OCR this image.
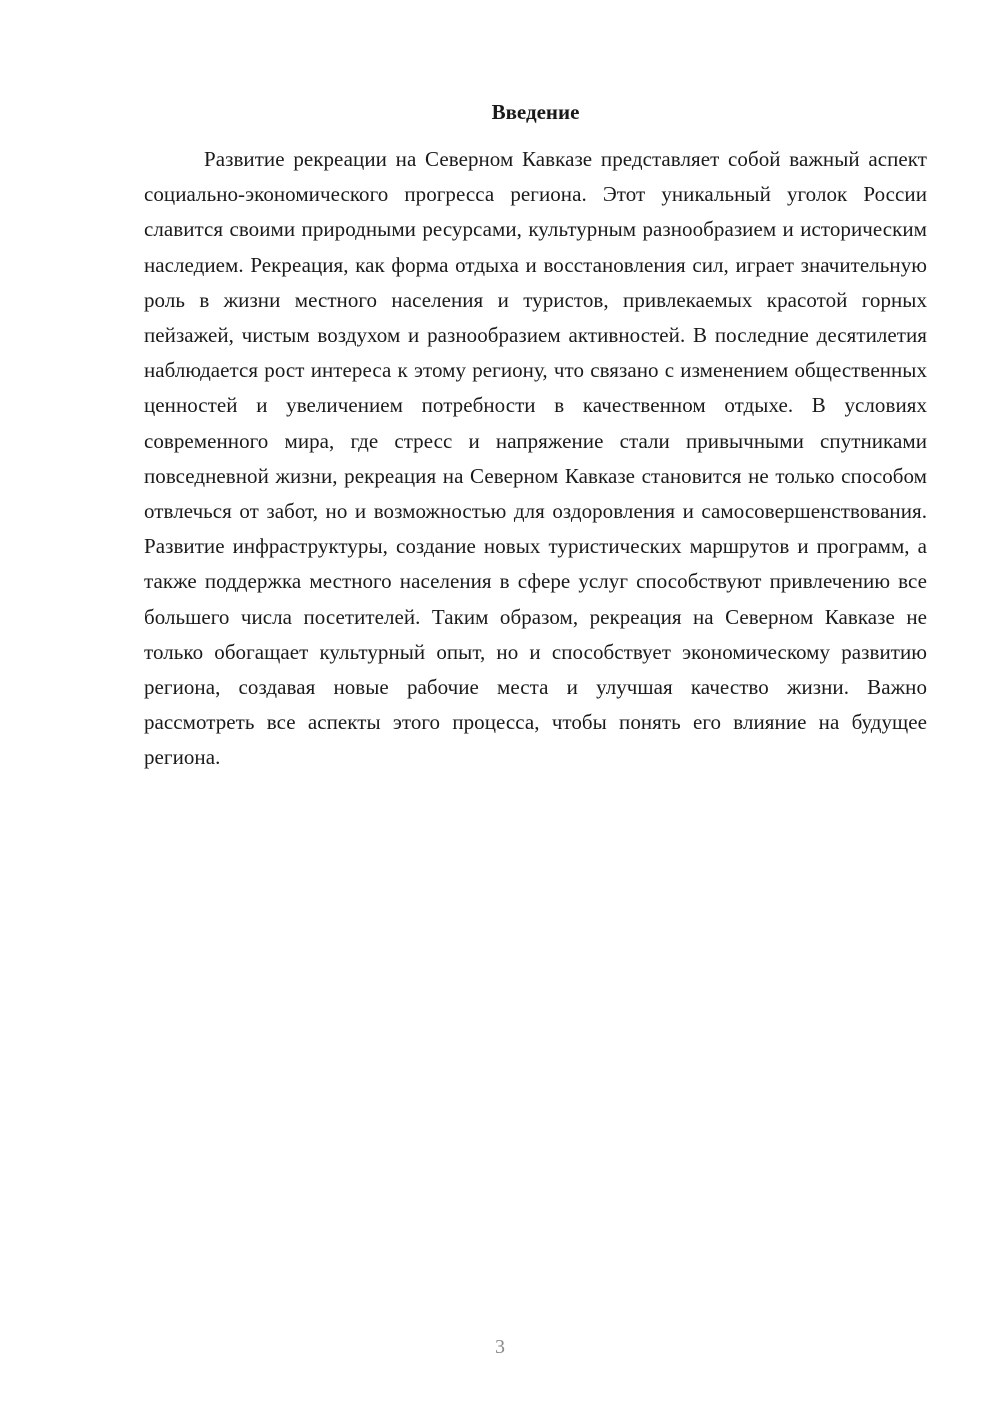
Введение

Развитие рекреации на Северном Кавказе представляет собой важный аспект социально-экономического прогресса региона. Этот уникальный уголок России славится своими природными ресурсами, культурным разнообразием и историческим наследием. Рекреация, как форма отдыха и восстановления сил, играет значительную роль в жизни местного населения и туристов, привлекаемых красотой горных пейзажей, чистым воздухом и разнообразием активностей. В последние десятилетия наблюдается рост интереса к этому региону, что связано с изменением общественных ценностей и увеличением потребности в качественном отдыхе. В условиях современного мира, где стресс и напряжение стали привычными спутниками повседневной жизни, рекреация на Северном Кавказе становится не только способом отвлечься от забот, но и возможностью для оздоровления и самосовершенствования. Развитие инфраструктуры, создание новых туристических маршрутов и программ, а также поддержка местного населения в сфере услуг способствуют привлечению все большего числа посетителей. Таким образом, рекреация на Северном Кавказе не только обогащает культурный опыт, но и способствует экономическому развитию региона, создавая новые рабочие места и улучшая качество жизни. Важно рассмотреть все аспекты этого процесса, чтобы понять его влияние на будущее региона.

3
